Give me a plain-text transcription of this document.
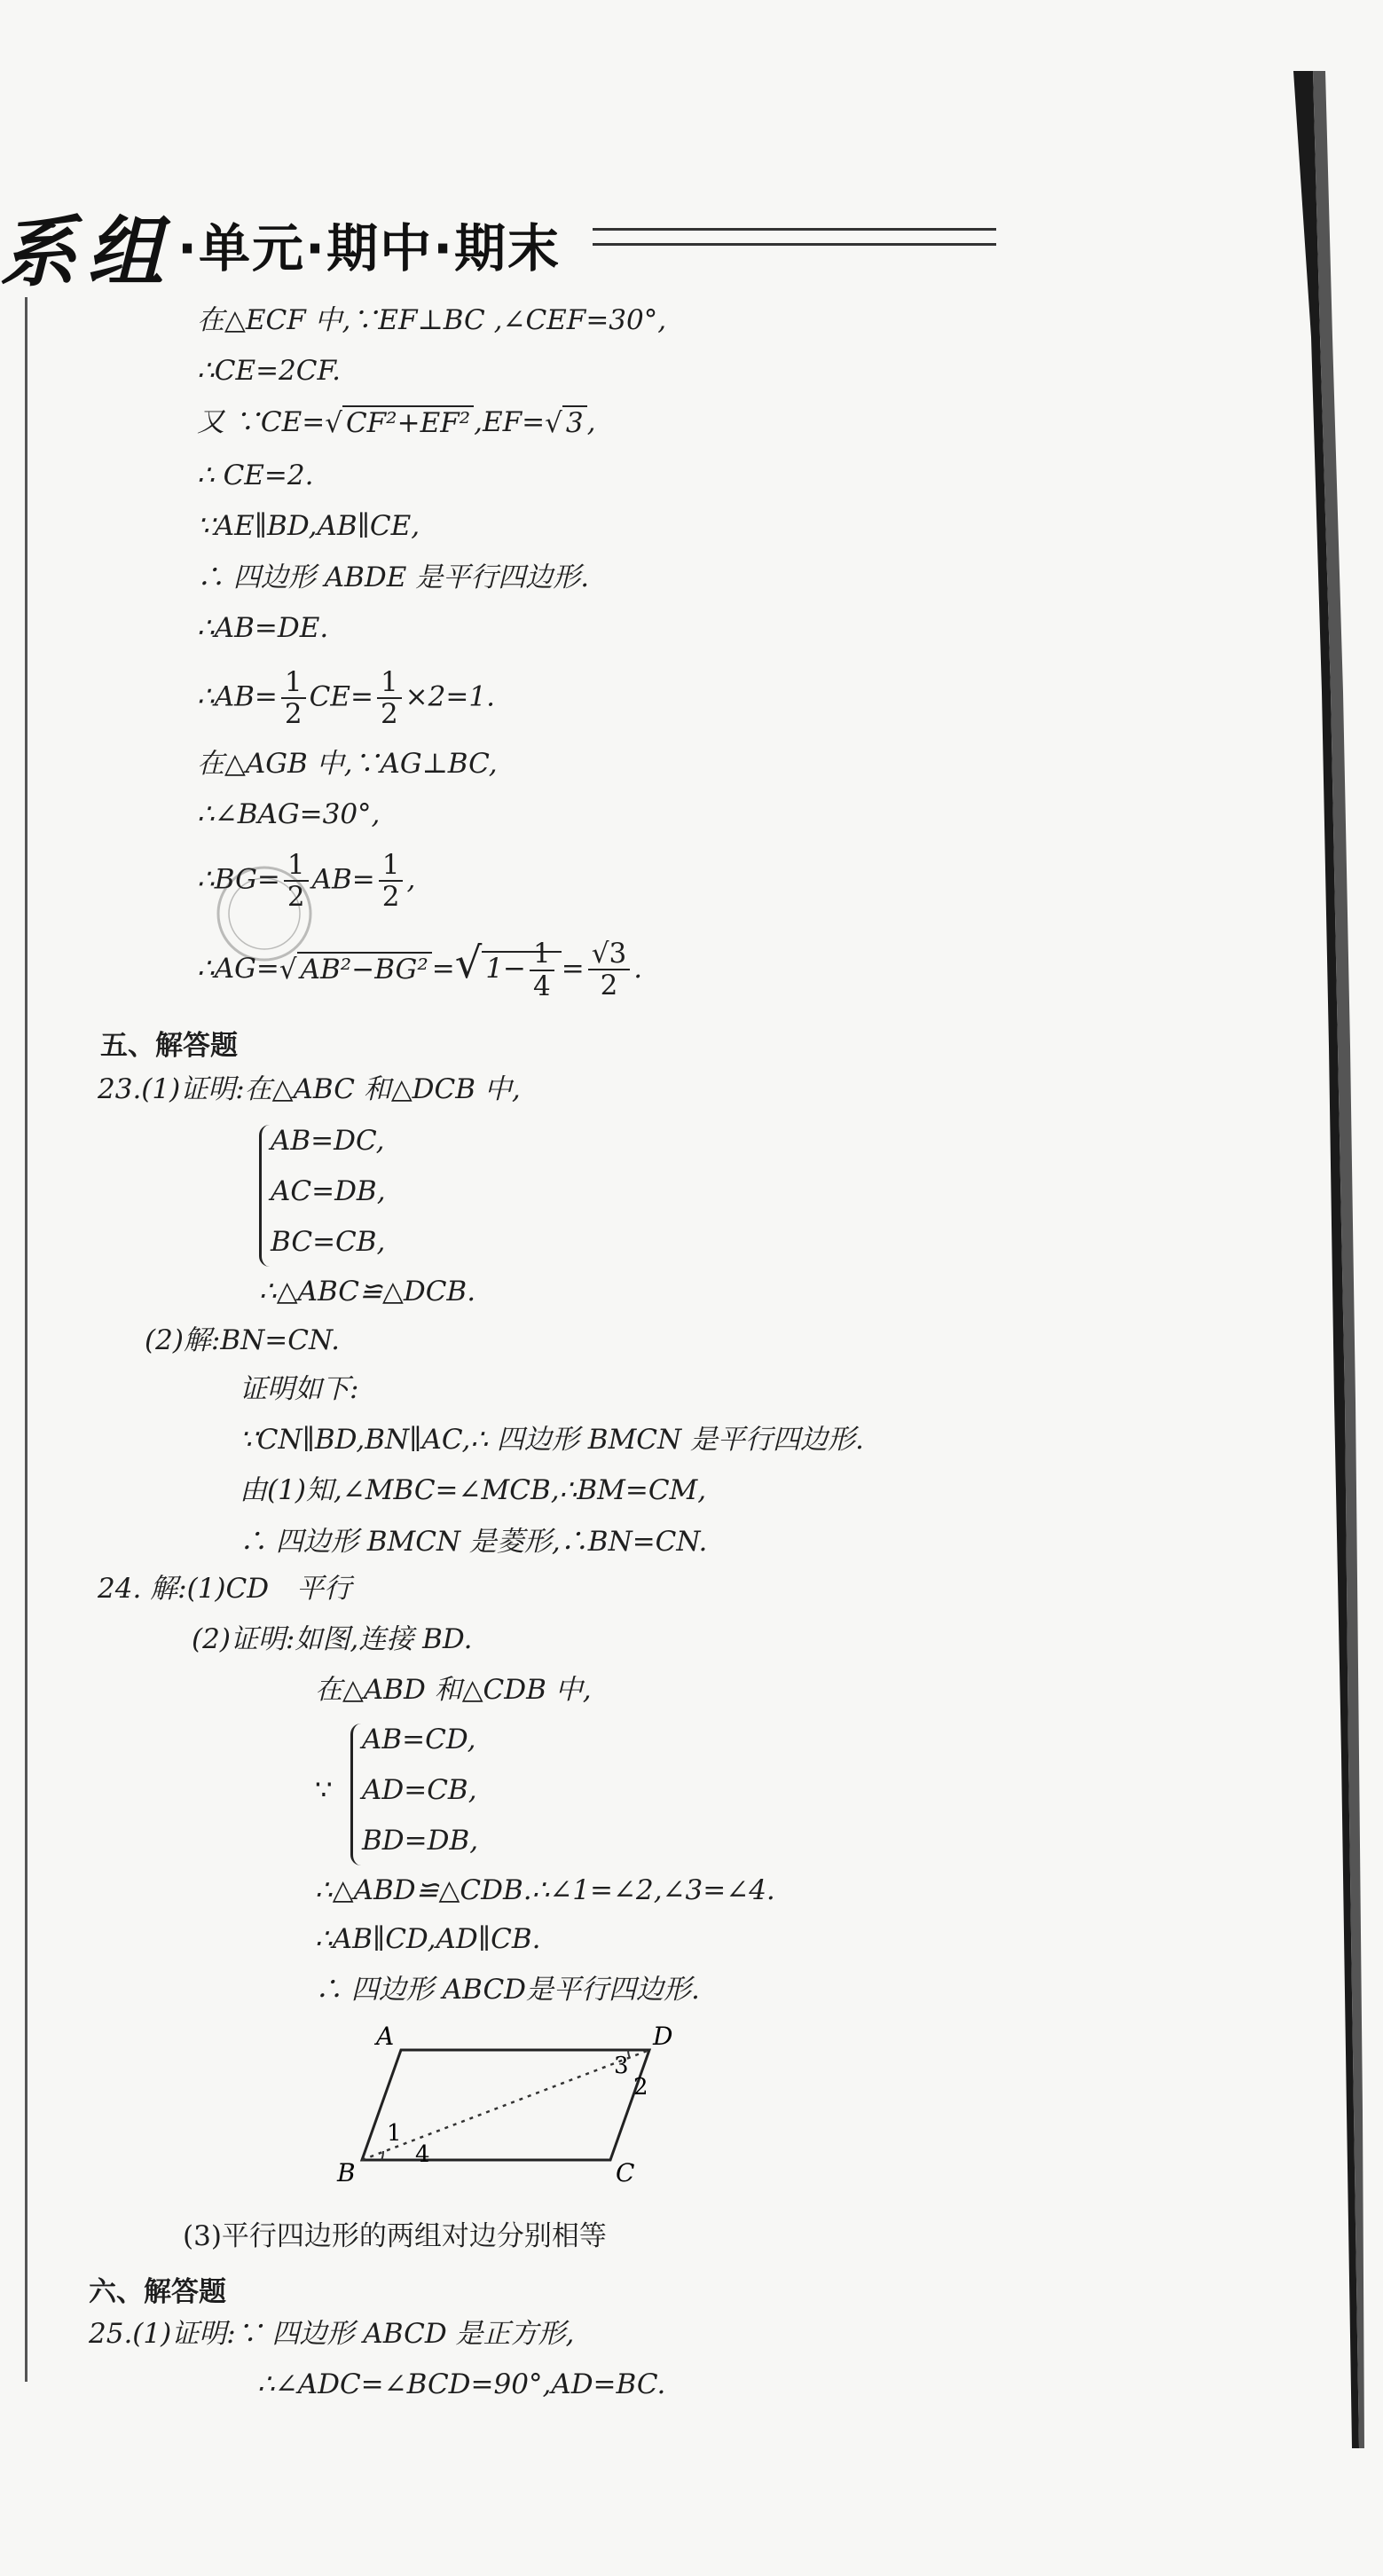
系组 ·单元·期中·期末
在△ECF 中,∵EF⊥BC ,∠CEF=30°,
∴CE=2CF.
又 ∵CE=√ CF²+EF² ,EF=√ 3 ,
∴ CE=2.
∵AE∥BD,AB∥CE,
∴ 四边形 ABDE 是平行四边形.
∴AB=DE.
∴AB= $\frac{1}{2} CE= \frac{1}{2} \times 2=1$.
在△AGB 中,∵AG⊥BC,
∴∠BAG=30°,
∴BG= $\frac{1}{2} AB= \frac{1}{2}$ ,
∴AG=√ AB²−BG² =√ $1- \frac{1}{4} = \frac{√3}{2}$ .
五、解答题
23.(1)证明:在△ABC 和△DCB 中,
AB=DC,
AC=DB,
BC=CB,
∴△ABC≌△DCB.
(2)解:BN=CN.
证明如下:
∵CN∥BD,BN∥AC,∴ 四边形 BMCN 是平行四边形.
由(1)知,∠MBC=∠MCB,∴BM=CM,
∴ 四边形 BMCN 是菱形,∴BN=CN.
24. 解:(1)CD　平行
(2)证明:如图,连接 BD.
在△ABD 和△CDB 中,
∵
AB=CD,
AD=CB,
BD=DB,
∴△ABD≌△CDB.∴∠1=∠2,∠3=∠4.
∴AB∥CD,AD∥CB.
∴ 四边形 ABCD是平行四边形.
A	D
B	C
1
4
3
2
(3)平行四边形的两组对边分别相等
六、解答题
25.(1)证明:∵ 四边形 ABCD 是正方形,
∴∠ADC=∠BCD=90°,AD=BC.
